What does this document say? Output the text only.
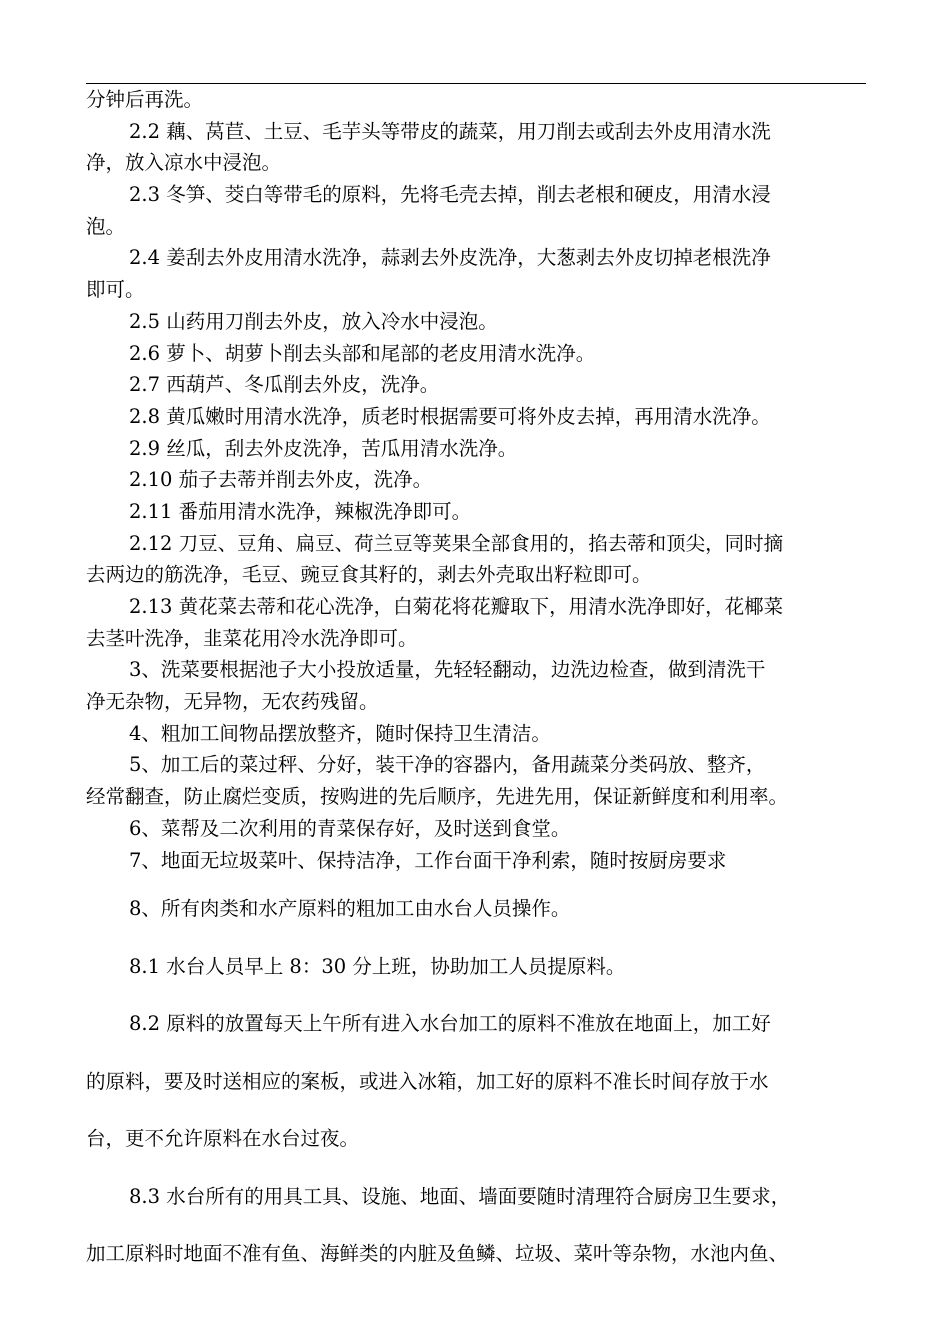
分钟后再洗。
2.2 藕、莴苣、土豆、毛芋头等带皮的蔬菜，用刀削去或刮去外皮用清水洗
净，放入凉水中浸泡。
2.3 冬笋、茭白等带毛的原料，先将毛壳去掉，削去老根和硬皮，用清水浸
泡。
2.4 姜刮去外皮用清水洗净，蒜剥去外皮洗净，大葱剥去外皮切掉老根洗净
即可。
2.5 山药用刀削去外皮，放入冷水中浸泡。
2.6 萝卜、胡萝卜削去头部和尾部的老皮用清水洗净。
2.7 西葫芦、冬瓜削去外皮，洗净。
2.8 黄瓜嫩时用清水洗净，质老时根据需要可将外皮去掉，再用清水洗净。
2.9 丝瓜，刮去外皮洗净，苦瓜用清水洗净。
2.10 茄子去蒂并削去外皮，洗净。
2.11 番茄用清水洗净，辣椒洗净即可。
2.12 刀豆、豆角、扁豆、荷兰豆等荚果全部食用的，掐去蒂和顶尖，同时摘
去两边的筋洗净，毛豆、豌豆食其籽的，剥去外壳取出籽粒即可。
2.13 黄花菜去蒂和花心洗净，白菊花将花瓣取下，用清水洗净即好，花椰菜
去茎叶洗净，韭菜花用冷水洗净即可。
3、洗菜要根据池子大小投放适量，先轻轻翻动，边洗边检查，做到清洗干
净无杂物，无异物，无农药残留。
4、粗加工间物品摆放整齐，随时保持卫生清洁。
5、加工后的菜过秤、分好，装干净的容器内，备用蔬菜分类码放、整齐，
经常翻查，防止腐烂变质，按购进的先后顺序，先进先用，保证新鲜度和利用率。
6、菜帮及二次利用的青菜保存好，及时送到食堂。
7、地面无垃圾菜叶、保持洁净，工作台面干净利索，随时按厨房要求
8、所有肉类和水产原料的粗加工由水台人员操作。
8.1 水台人员早上 8：30 分上班，协助加工人员提原料。
8.2 原料的放置每天上午所有进入水台加工的原料不准放在地面上，加工好
的原料，要及时送相应的案板，或进入冰箱，加工好的原料不准长时间存放于水
台，更不允许原料在水台过夜。
8.3 水台所有的用具工具、设施、地面、墙面要随时清理符合厨房卫生要求，
加工原料时地面不准有鱼、海鲜类的内脏及鱼鳞、垃圾、菜叶等杂物，水池内鱼、
